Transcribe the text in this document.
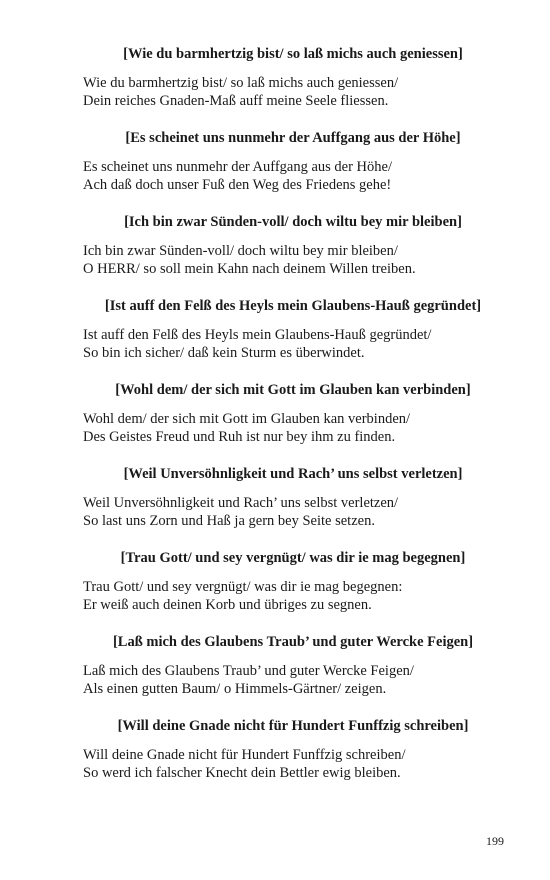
[Wie du barmhertzig bist/ so laß michs auch geniessen]
Wie du barmhertzig bist/ so laß michs auch geniessen/
Dein reiches Gnaden-Maß auff meine Seele fliessen.
[Es scheinet uns nunmehr der Auffgang aus der Höhe]
Es scheinet uns nunmehr der Auffgang aus der Höhe/
Ach daß doch unser Fuß den Weg des Friedens gehe!
[Ich bin zwar Sünden-voll/ doch wiltu bey mir bleiben]
Ich bin zwar Sünden-voll/ doch wiltu bey mir bleiben/
O HERR/ so soll mein Kahn nach deinem Willen treiben.
[Ist auff den Felß des Heyls mein Glaubens-Hauß gegründet]
Ist auff den Felß des Heyls mein Glaubens-Hauß gegründet/
So bin ich sicher/ daß kein Sturm es überwindet.
[Wohl dem/ der sich mit Gott im Glauben kan verbinden]
Wohl dem/ der sich mit Gott im Glauben kan verbinden/
Des Geistes Freud und Ruh ist nur bey ihm zu finden.
[Weil Unversöhnligkeit und Rach’ uns selbst verletzen]
Weil Unversöhnligkeit und Rach’ uns selbst verletzen/
So last uns Zorn und Haß ja gern bey Seite setzen.
[Trau Gott/ und sey vergnügt/ was dir ie mag begegnen]
Trau Gott/ und sey vergnügt/ was dir ie mag begegnen:
Er weiß auch deinen Korb und übriges zu segnen.
[Laß mich des Glaubens Traub’ und guter Wercke Feigen]
Laß mich des Glaubens Traub’ und guter Wercke Feigen/
Als einen gutten Baum/ o Himmels-Gärtner/ zeigen.
[Will deine Gnade nicht für Hundert Funffzig schreiben]
Will deine Gnade nicht für Hundert Funffzig schreiben/
So werd ich falscher Knecht dein Bettler ewig bleiben.
199
